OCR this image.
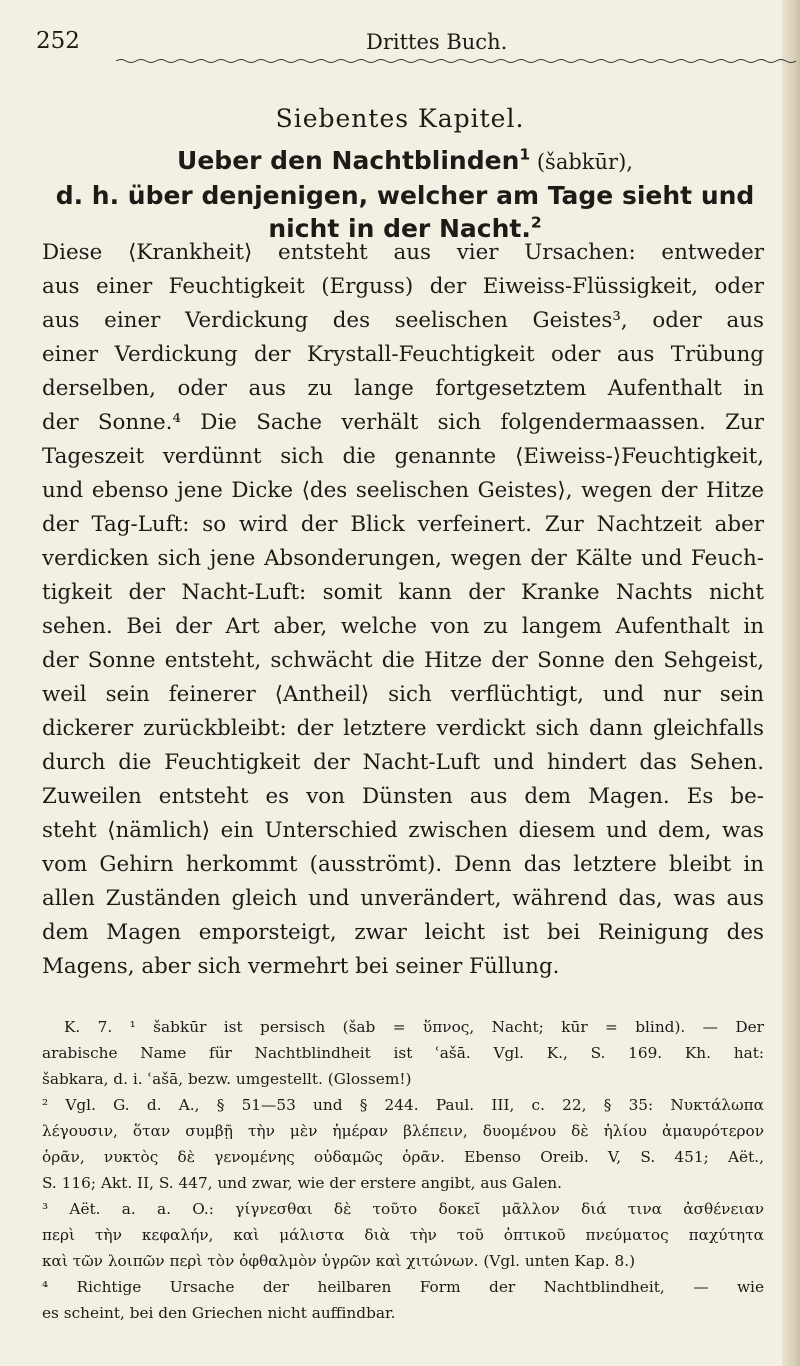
252	Drittes Buch.
Siebentes Kapitel.
Ueber den Nachtblinden$^1$ (šabkūr),
d. h. über denjenigen, welcher am Tage sieht und
nicht in der Nacht.$^2$
Diese ⟨Krankheit⟩ entsteht aus vier Ursachen: entweder
aus einer Feuchtigkeit (Erguss) der Eiweiss-Flüssigkeit, oder
aus einer Verdickung des seelischen Geistes³, oder aus
einer Verdickung der Krystall-Feuchtigkeit oder aus Trübung
derselben, oder aus zu lange fortgesetztem Aufenthalt in
der Sonne.⁴ Die Sache verhält sich folgendermaassen. Zur
Tageszeit verdünnt sich die genannte ⟨Eiweiss-⟩Feuchtigkeit,
und ebenso jene Dicke ⟨des seelischen Geistes⟩, wegen der Hitze
der Tag-Luft: so wird der Blick verfeinert. Zur Nachtzeit aber
verdicken sich jene Absonderungen, wegen der Kälte und Feuch-
tigkeit der Nacht-Luft: somit kann der Kranke Nachts nicht
sehen. Bei der Art aber, welche von zu langem Aufenthalt in
der Sonne entsteht, schwächt die Hitze der Sonne den Sehgeist,
weil sein feinerer ⟨Antheil⟩ sich verflüchtigt, und nur sein
dickerer zurückbleibt: der letztere verdickt sich dann gleichfalls
durch die Feuchtigkeit der Nacht-Luft und hindert das Sehen.
Zuweilen entsteht es von Dünsten aus dem Magen. Es be-
steht ⟨nämlich⟩ ein Unterschied zwischen diesem und dem, was
vom Gehirn herkommt (ausströmt). Denn das letztere bleibt in
allen Zuständen gleich und unverändert, während das, was aus
dem Magen emporsteigt, zwar leicht ist bei Reinigung des
Magens, aber sich vermehrt bei seiner Füllung.
K. 7. ¹ šabkūr ist persisch (šab = ὕπνος, Nacht; kūr = blind). — Der
arabische Name für Nachtblindheit ist ʿašā. Vgl. K., S. 169. Kh. hat:
šabkara, d. i. ʿašā, bezw. umgestellt. (Glossem!)
² Vgl. G. d. A., § 51—53 und § 244. Paul. III, c. 22, § 35: Νυκτάλωπα
λέγουσιν, ὅταν συμβῇ τὴν μὲν ἡμέραν βλέπειν, δυομένου δὲ ἡλίου ἀμαυρότερον
ὁρᾶν, νυκτὸς δὲ γενομένης οὐδαμῶς ὁρᾶν. Ebenso Oreib. V, S. 451; Aët.,
S. 116; Akt. II, S. 447, und zwar, wie der erstere angibt, aus Galen.
³ Aët. a. a. O.: γίγνεσθαι δὲ τοῦτο δοκεῖ μᾶλλον διά τινα ἀσθένειαν
περὶ τὴν κεφαλήν, καὶ μάλιστα διὰ τὴν τοῦ ὀπτικοῦ πνεύματος παχύτητα
καὶ τῶν λοιπῶν περὶ τὸν ὀφθαλμὸν ὑγρῶν καὶ χιτώνων. (Vgl. unten Kap. 8.)
⁴ Richtige Ursache der heilbaren Form der Nachtblindheit, — wie
es scheint, bei den Griechen nicht auffindbar.
